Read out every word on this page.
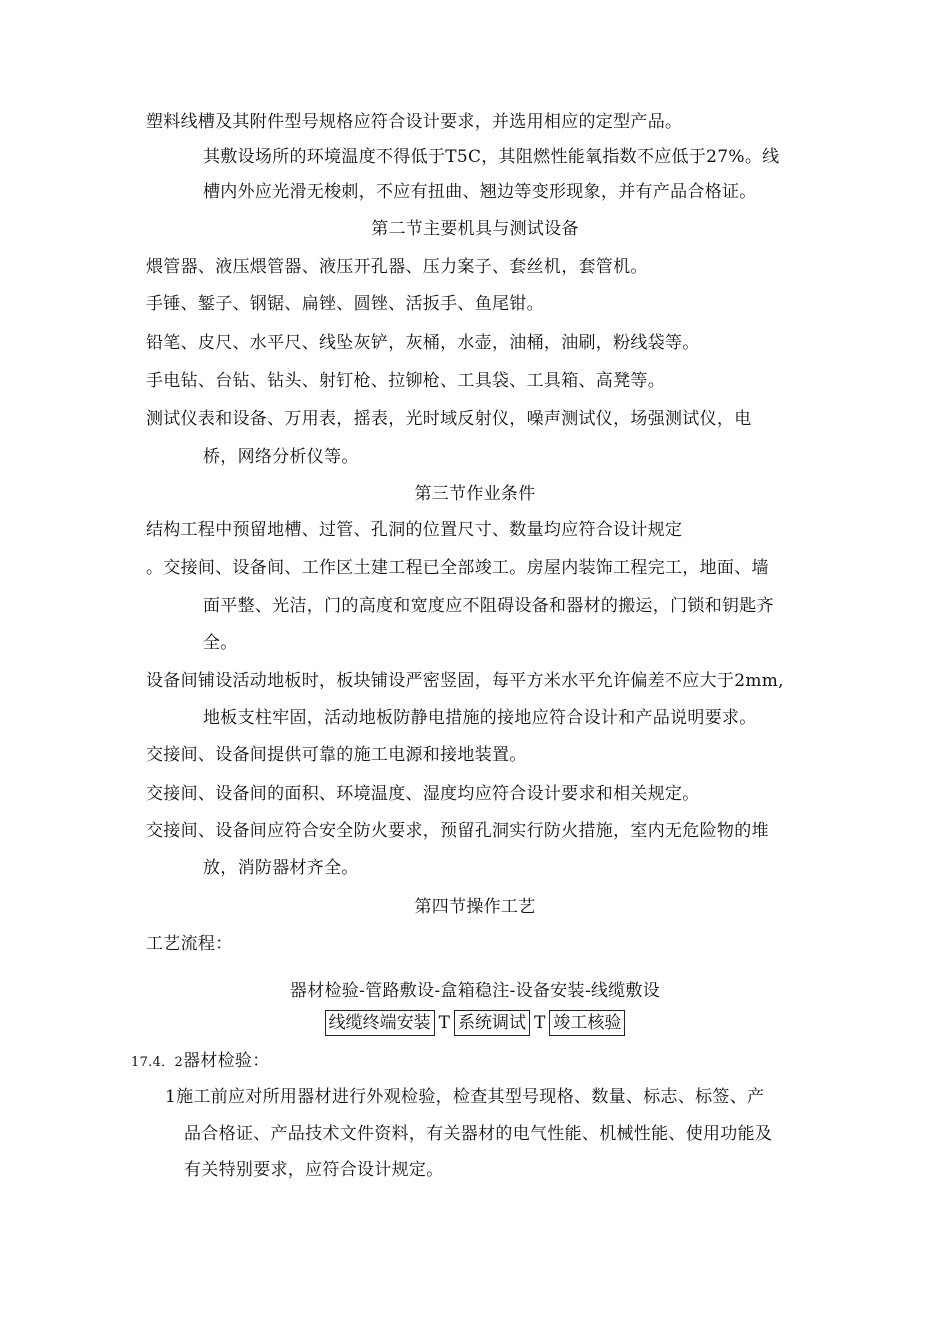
塑料线槽及其附件型号规格应符合设计要求，并选用相应的定型产品。
其敷设场所的环境温度不得低于T5C，其阻燃性能氧指数不应低于27%。线
槽内外应光滑无梭刺，不应有扭曲、翘边等变形现象，并有产品合格证。
第二节主要机具与测试设备
煨管器、液压煨管器、液压开孔器、压力案子、套丝机，套管机。
手锤、錾子、钢锯、扁锉、圆锉、活扳手、鱼尾钳。
铅笔、皮尺、水平尺、线坠灰铲，灰桶，水壶，油桶，油刷，粉线袋等。
手电钻、台钻、钻头、射钉枪、拉铆枪、工具袋、工具箱、高凳等。
测试仪表和设备、万用表，摇表，光时域反射仪，噪声测试仪，场强测试仪，电
桥，网络分析仪等。
第三节作业条件
结构工程中预留地槽、过管、孔洞的位置尺寸、数量均应符合设计规定
。交接间、设备间、工作区土建工程已全部竣工。房屋内装饰工程完工，地面、墙
面平整、光洁，门的高度和宽度应不阻碍设备和器材的搬运，门锁和钥匙齐
全。
设备间铺设活动地板时，板块铺设严密竖固，每平方米水平允许偏差不应大于2mm,
地板支柱牢固，活动地板防静电措施的接地应符合设计和产品说明要求。
交接间、设备间提供可靠的施工电源和接地装置。
交接间、设备间的面积、环境温度、湿度均应符合设计要求和相关规定。
交接间、设备间应符合安全防火要求，预留孔洞实行防火措施，室内无危险物的堆
放，消防器材齐全。
第四节操作工艺
工艺流程：
器材检验-管路敷设-盒箱稳注-设备安装-线缆敷设
线缆终端安装 T 系统调试 T 竣工核验
17.4．2器材检验：
1施工前应对所用器材进行外观检验，检查其型号现格、数量、标志、标签、产
品合格证、产品技术文件资料，有关器材的电气性能、机械性能、使用功能及
有关特别要求，应符合设计规定。
